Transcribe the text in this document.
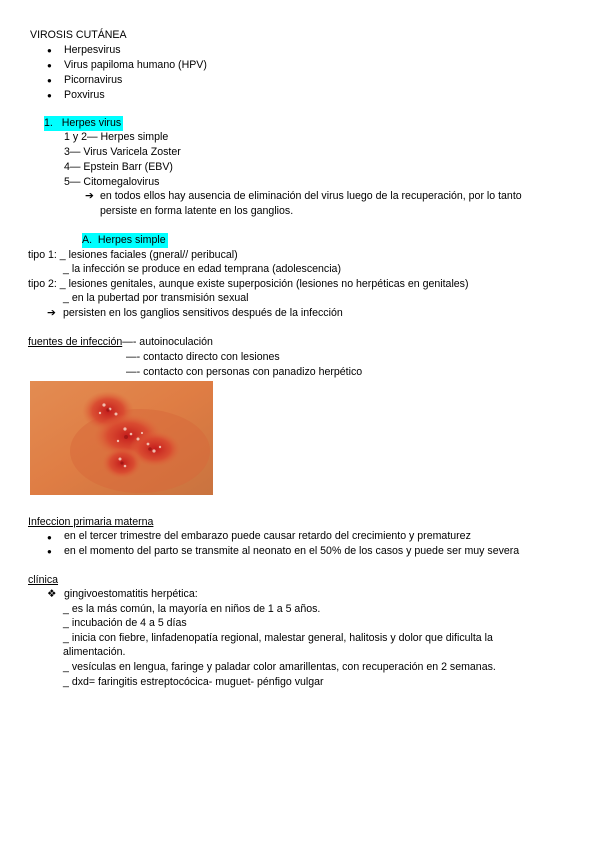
VIROSIS CUTÁNEA
● Herpesvirus
● Virus papiloma humano (HPV)
● Picornavirus
● Poxvirus
1. Herpes virus
1 y 2— Herpes simple
3— Virus Varicela Zoster
4— Epstein Barr (EBV)
5— Citomegalovirus
➔ en todos ellos hay ausencia de eliminación del virus luego de la recuperación, por lo tanto
persiste en forma latente en los ganglios.
A. Herpes simple
tipo 1: _ lesiones faciales (gneral// peribucal)
_ la infección se produce en edad temprana (adolescencia)
tipo 2: _ lesiones genitales, aunque existe superposición (lesiones no herpéticas en genitales)
_ en la pubertad por transmisión sexual
➔ persisten en los ganglios sensitivos después de la infección
fuentes de infección—- autoinoculación
—- contacto directo con lesiones
—- contacto con personas con panadizo herpético
Infeccion primaria materna
● en el tercer trimestre del embarazo puede causar retardo del crecimiento y prematurez
● en el momento del parto se transmite al neonato en el 50% de los casos y puede ser muy severa
clínica
❖ gingivoestomatitis herpética:
_ es la más común, la mayoría en niños de 1 a 5 años.
_ incubación de 4 a 5 días
_ inicia con fiebre, linfadenopatía regional, malestar general, halitosis y dolor que dificulta la
alimentación.
_ vesículas en lengua, faringe y paladar color amarillentas, con recuperación en 2 semanas.
_ dxd= faringitis estreptocócica- muguet- pénfigo vulgar
